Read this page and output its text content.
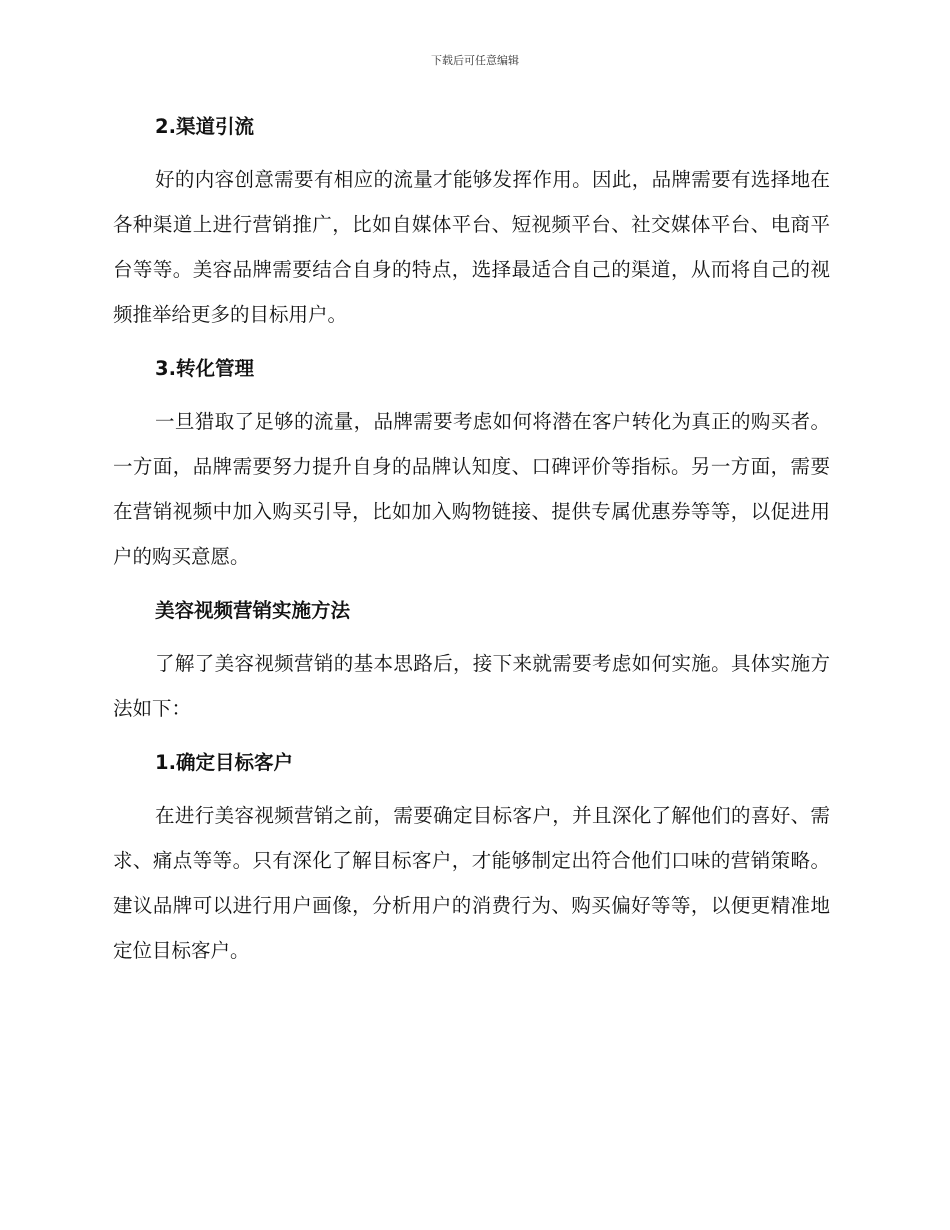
下载后可任意编辑
2.渠道引流

好的内容创意需要有相应的流量才能够发挥作用。因此，品牌需要有选择地在各种渠道上进行营销推广，比如自媒体平台、短视频平台、社交媒体平台、电商平台等等。美容品牌需要结合自身的特点，选择最适合自己的渠道，从而将自己的视频推举给更多的目标用户。

3.转化管理

一旦猎取了足够的流量，品牌需要考虑如何将潜在客户转化为真正的购买者。一方面，品牌需要努力提升自身的品牌认知度、口碑评价等指标。另一方面，需要在营销视频中加入购买引导，比如加入购物链接、提供专属优惠券等等，以促进用户的购买意愿。

美容视频营销实施方法

了解了美容视频营销的基本思路后，接下来就需要考虑如何实施。具体实施方法如下：

1.确定目标客户

在进行美容视频营销之前，需要确定目标客户，并且深化了解他们的喜好、需求、痛点等等。只有深化了解目标客户，才能够制定出符合他们口味的营销策略。建议品牌可以进行用户画像，分析用户的消费行为、购买偏好等等，以便更精准地定位目标客户。
